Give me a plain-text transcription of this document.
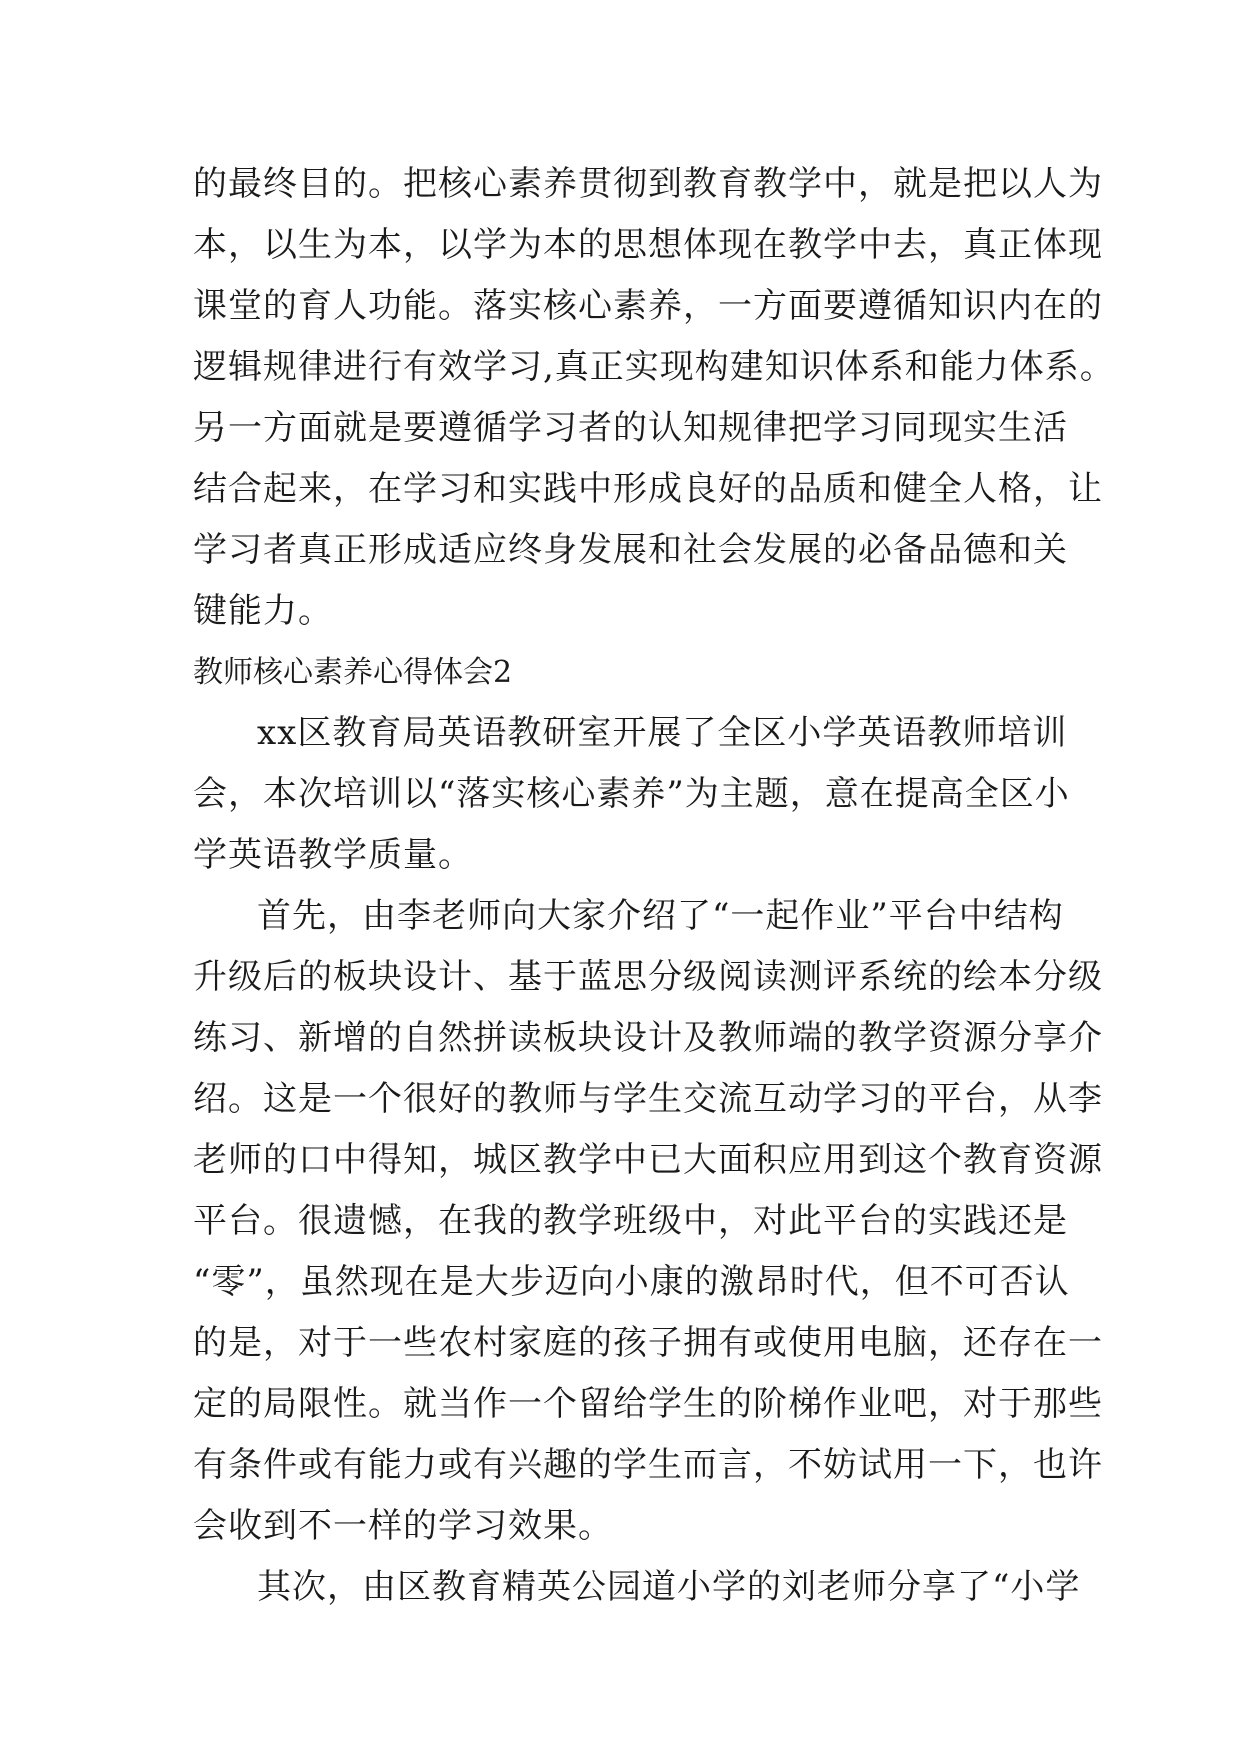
的最终目的。把核心素养贯彻到教育教学中，就是把以人为
本，以生为本，以学为本的思想体现在教学中去，真正体现
课堂的育人功能。落实核心素养，一方面要遵循知识内在的
逻辑规律进行有效学习,真正实现构建知识体系和能力体系。
另一方面就是要遵循学习者的认知规律把学习同现实生活
结合起来，在学习和实践中形成良好的品质和健全人格，让
学习者真正形成适应终身发展和社会发展的必备品德和关
键能力。
教师核心素养心得体会2
xx区教育局英语教研室开展了全区小学英语教师培训
会，本次培训以“落实核心素养”为主题，意在提高全区小
学英语教学质量。
首先，由李老师向大家介绍了“一起作业”平台中结构
升级后的板块设计、基于蓝思分级阅读测评系统的绘本分级
练习、新增的自然拼读板块设计及教师端的教学资源分享介
绍。这是一个很好的教师与学生交流互动学习的平台，从李
老师的口中得知，城区教学中已大面积应用到这个教育资源
平台。很遗憾，在我的教学班级中，对此平台的实践还是
“零”，虽然现在是大步迈向小康的激昂时代，但不可否认
的是，对于一些农村家庭的孩子拥有或使用电脑，还存在一
定的局限性。就当作一个留给学生的阶梯作业吧，对于那些
有条件或有能力或有兴趣的学生而言，不妨试用一下，也许
会收到不一样的学习效果。
其次，由区教育精英公园道小学的刘老师分享了“小学
